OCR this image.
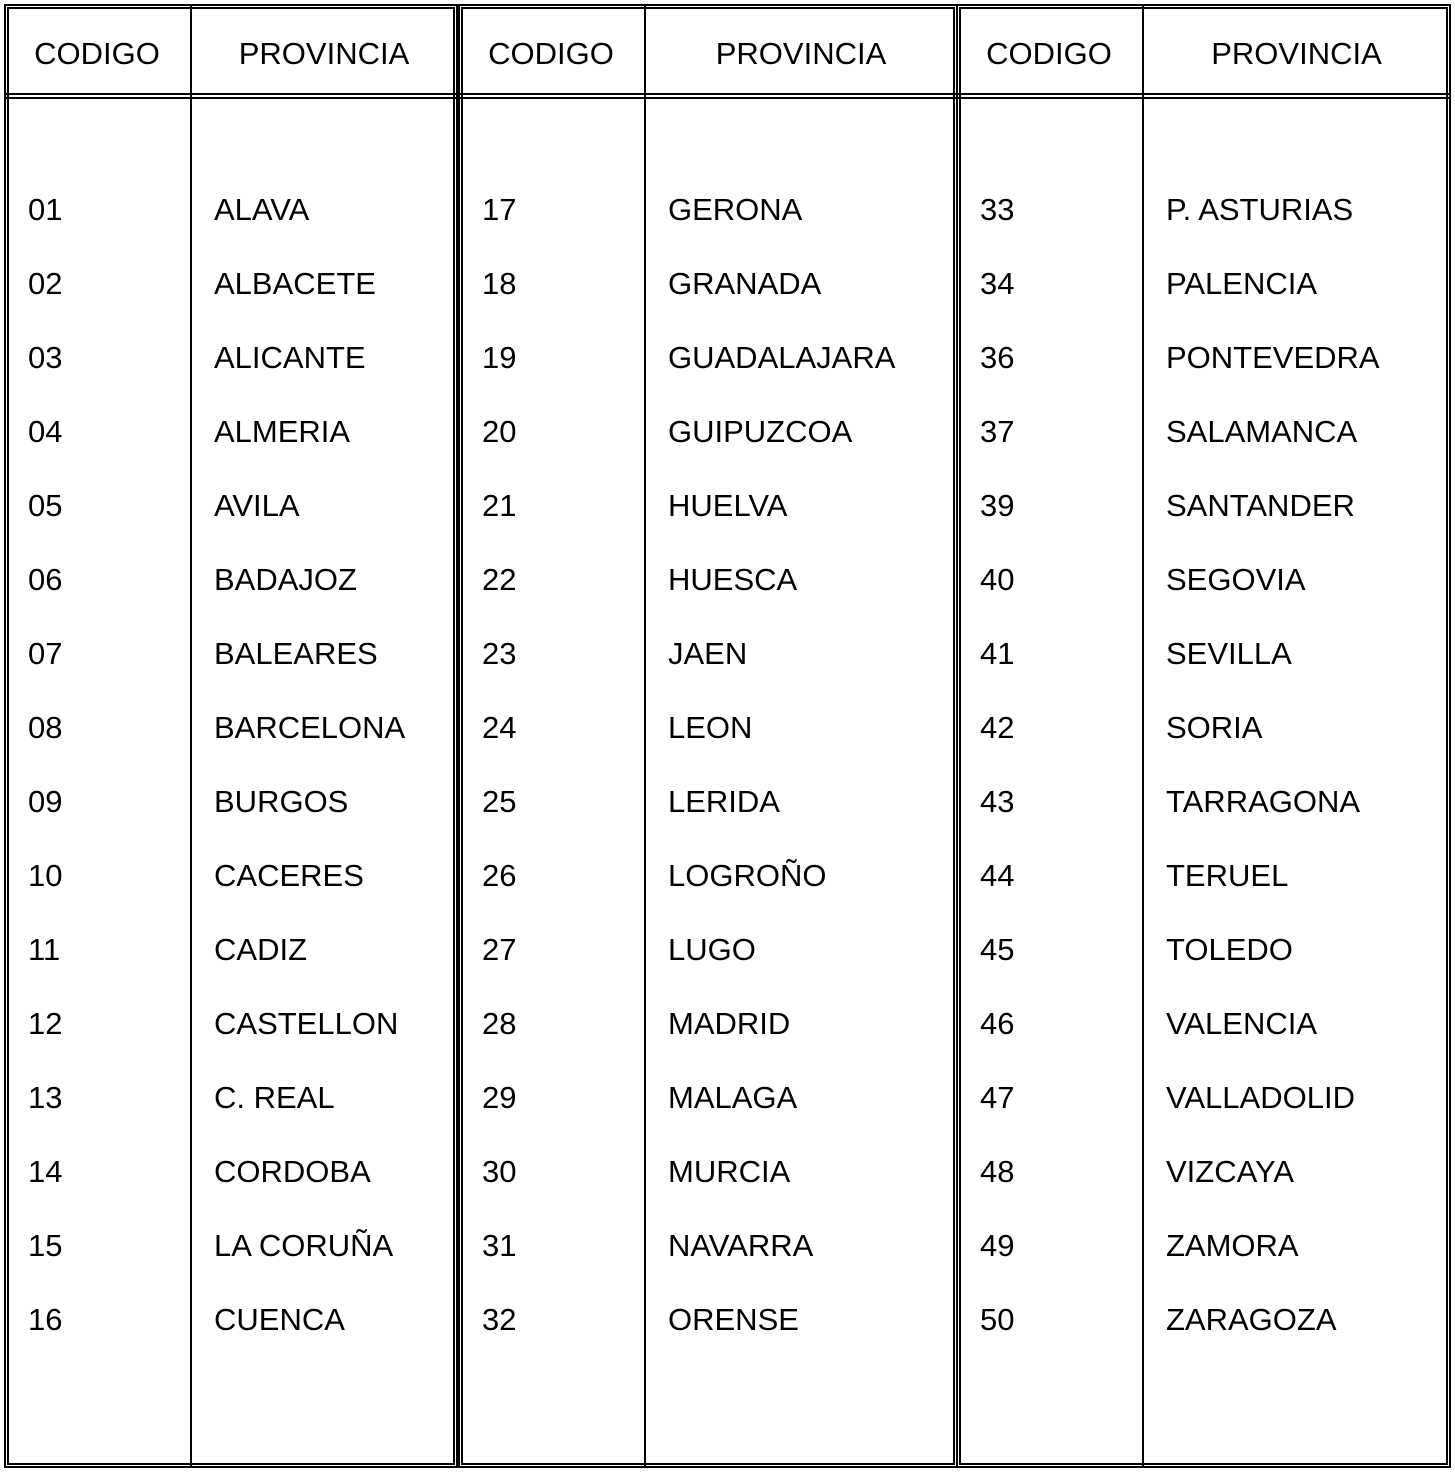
CODIGO	PROVINCIA
01	ALAVA
02	ALBACETE
03	ALICANTE
04	ALMERIA
05	AVILA
06	BADAJOZ
07	BALEARES
08	BARCELONA
09	BURGOS
10	CACERES
11	CADIZ
12	CASTELLON
13	C. REAL
14	CORDOBA
15	LA CORUÑA
16	CUENCA
CODIGO	PROVINCIA
17	GERONA
18	GRANADA
19	GUADALAJARA
20	GUIPUZCOA
21	HUELVA
22	HUESCA
23	JAEN
24	LEON
25	LERIDA
26	LOGROÑO
27	LUGO
28	MADRID
29	MALAGA
30	MURCIA
31	NAVARRA
32	ORENSE
CODIGO	PROVINCIA
33	P. ASTURIAS
34	PALENCIA
36	PONTEVEDRA
37	SALAMANCA
39	SANTANDER
40	SEGOVIA
41	SEVILLA
42	SORIA
43	TARRAGONA
44	TERUEL
45	TOLEDO
46	VALENCIA
47	VALLADOLID
48	VIZCAYA
49	ZAMORA
50	ZARAGOZA
